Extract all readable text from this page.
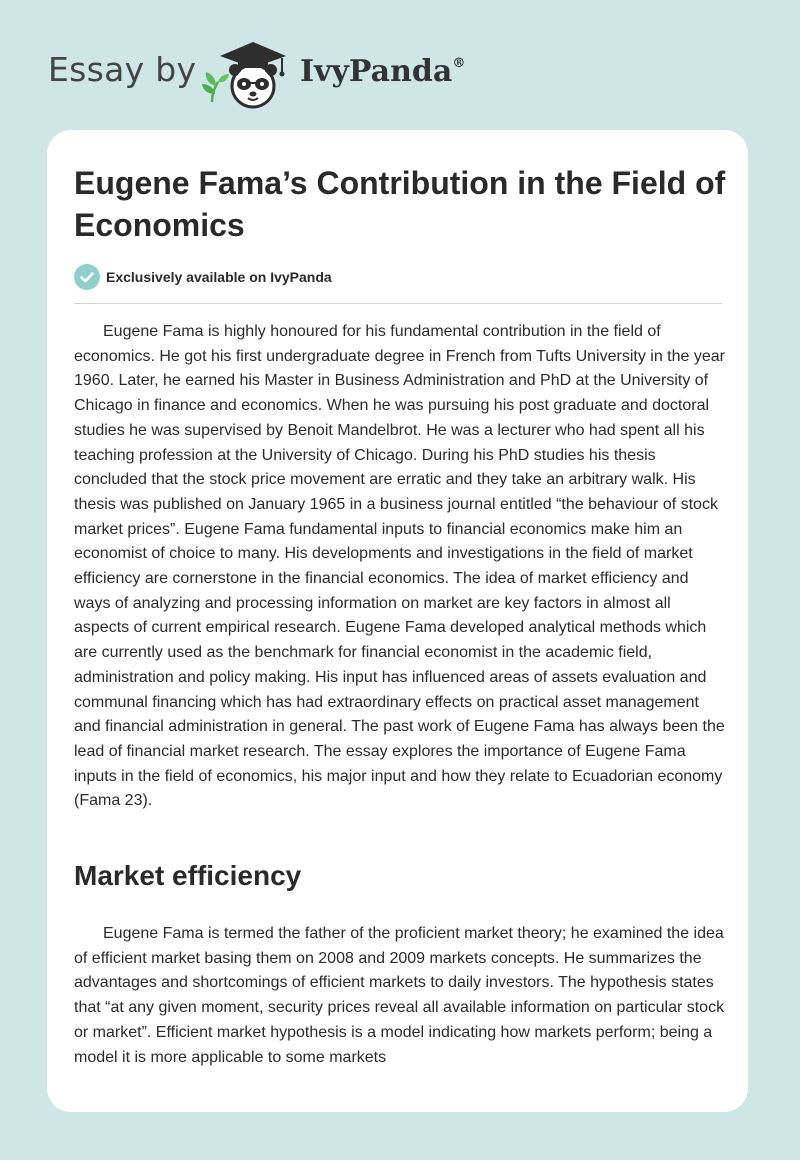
Essay by	IvyPanda®
Eugene Fama’s Contribution in the Field of Economics
Exclusively available on IvyPanda

Eugene Fama is highly honoured for his fundamental contribution in the field of economics. He got his first undergraduate degree in French from Tufts University in the year 1960. Later, he earned his Master in Business Administration and PhD at the University of Chicago in finance and economics. When he was pursuing his post graduate and doctoral studies he was supervised by Benoit Mandelbrot. He was a lecturer who had spent all his teaching profession at the University of Chicago. During his PhD studies his thesis concluded that the stock price movement are erratic and they take an arbitrary walk. His thesis was published on January 1965 in a business journal entitled “the behaviour of stock market prices”. Eugene Fama fundamental inputs to financial economics make him an economist of choice to many. His developments and investigations in the field of market efficiency are cornerstone in the financial economics. The idea of market efficiency and ways of analyzing and processing information on market are key factors in almost all aspects of current empirical research. Eugene Fama developed analytical methods which are currently used as the benchmark for financial economist in the academic field, administration and policy making. His input has influenced areas of assets evaluation and communal financing which has had extraordinary effects on practical asset management and financial administration in general. The past work of Eugene Fama has always been the lead of financial market research. The essay explores the importance of Eugene Fama inputs in the field of economics, his major input and how they relate to Ecuadorian economy (Fama 23).

Market efficiency

Eugene Fama is termed the father of the proficient market theory; he examined the idea of efficient market basing them on 2008 and 2009 markets concepts. He summarizes the advantages and shortcomings of efficient markets to daily investors. The hypothesis states that “at any given moment, security prices reveal all available information on particular stock or market”. Efficient market hypothesis is a model indicating how markets perform; being a model it is more applicable to some markets
